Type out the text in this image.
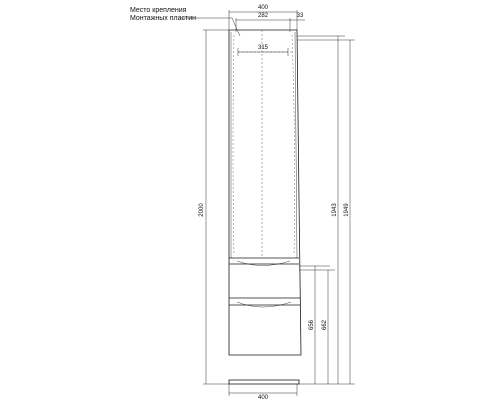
400
282	33
315
Место крепления
Монтажных пластин
2000	1943 1949
656 662
400
